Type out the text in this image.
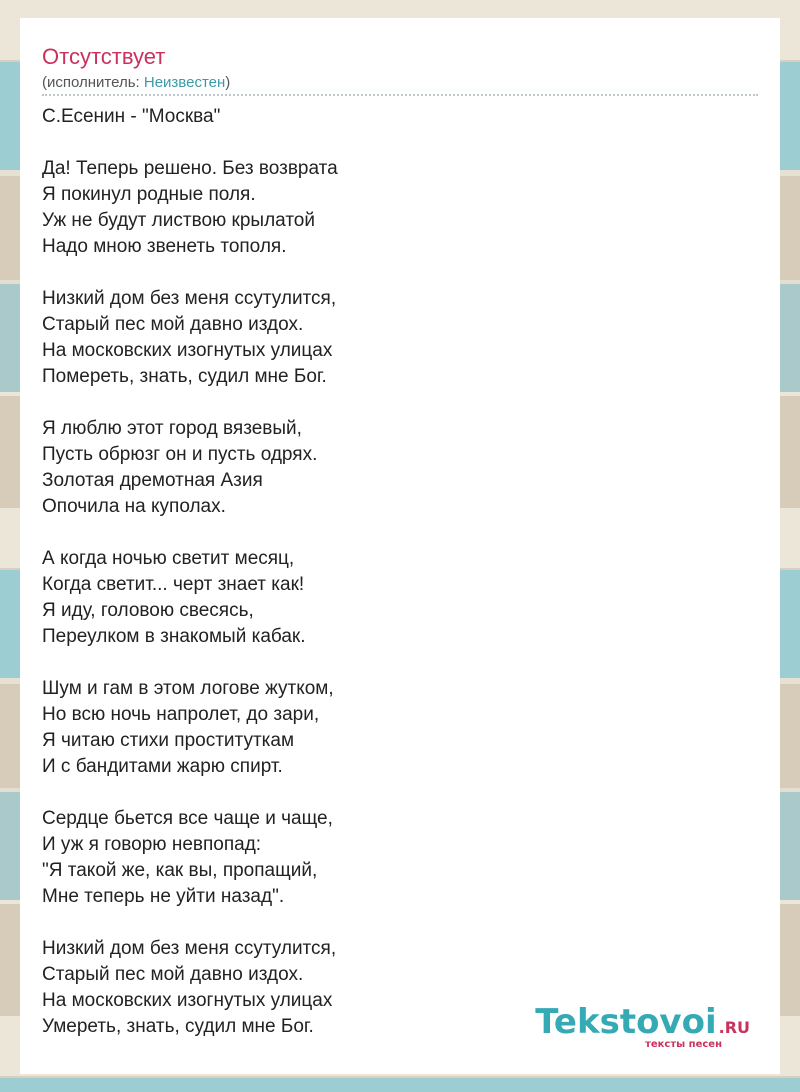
Отсутствует
(исполнитель: Неизвестен)
С.Есенин - "Москва"
Да! Теперь решено. Без возврата
Я покинул родные поля.
Уж не будут листвою крылатой
Надо мною звенеть тополя.
Низкий дом без меня ссутулится,
Старый пес мой давно издох.
На московских изогнутых улицах
Помереть, знать, судил мне Бог.
Я люблю этот город вязевый,
Пусть обрюзг он и пусть одрях.
Золотая дремотная Азия
Опочила на куполах.
А когда ночью светит месяц,
Когда светит... черт знает как!
Я иду, головою свесясь,
Переулком в знакомый кабак.
Шум и гам в этом логове жутком,
Но всю ночь напролет, до зари,
Я читаю стихи проституткам
И с бандитами жарю спирт.
Сердце бьется все чаще и чаще,
И уж я говорю невпопад:
"Я такой же, как вы, пропащий,
Мне теперь не уйти назад".
Низкий дом без меня ссутулится,
Старый пес мой давно издох.
На московских изогнутых улицах
Умереть, знать, судил мне Бог.	Tekstovoi .RU
тексты песен
